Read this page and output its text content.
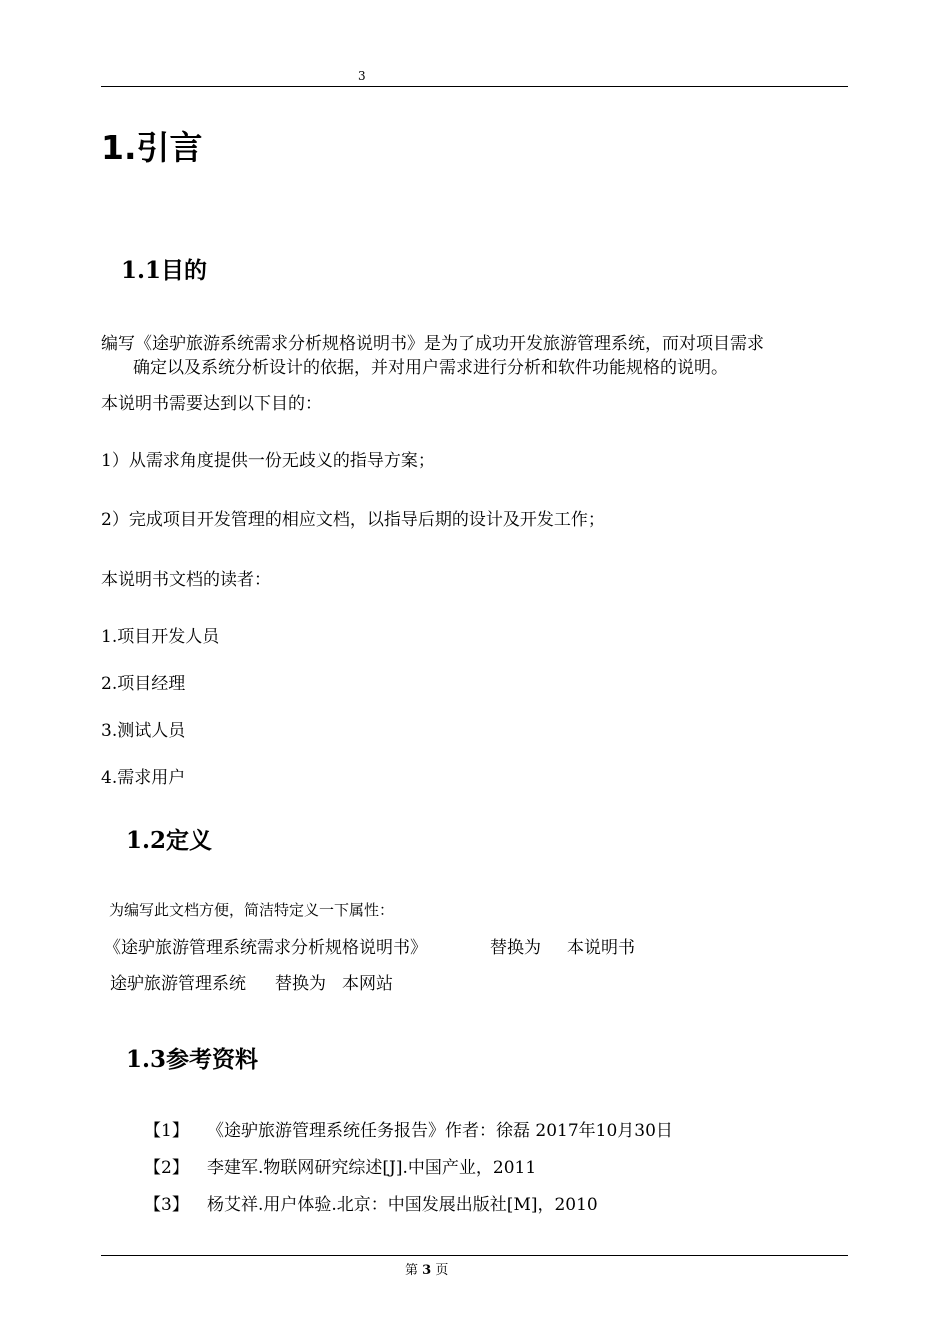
3
1.引言
1.1目的
编写《途驴旅游系统需求分析规格说明书》是为了成功开发旅游管理系统，而对项目需求
确定以及系统分析设计的依据，并对用户需求进行分析和软件功能规格的说明。
本说明书需要达到以下目的：
1）从需求角度提供一份无歧义的指导方案；
2）完成项目开发管理的相应文档，以指导后期的设计及开发工作；
本说明书文档的读者：
1.项目开发人员
2.项目经理
3.测试人员
4.需求用户
1.2定义
为编写此文档方便，简洁特定义一下属性：
《途驴旅游管理系统需求分析规格说明书》	替换为 本说明书
途驴旅游管理系统 替换为 本网站
1.3参考资料
【1】 《途驴旅游管理系统任务报告》作者：徐磊 2017年10月30日
【2】 李建军.物联网研究综述[J].中国产业，2011
【3】 杨艾祥.用户体验.北京：中国发展出版社[M]，2010
第 3 页
